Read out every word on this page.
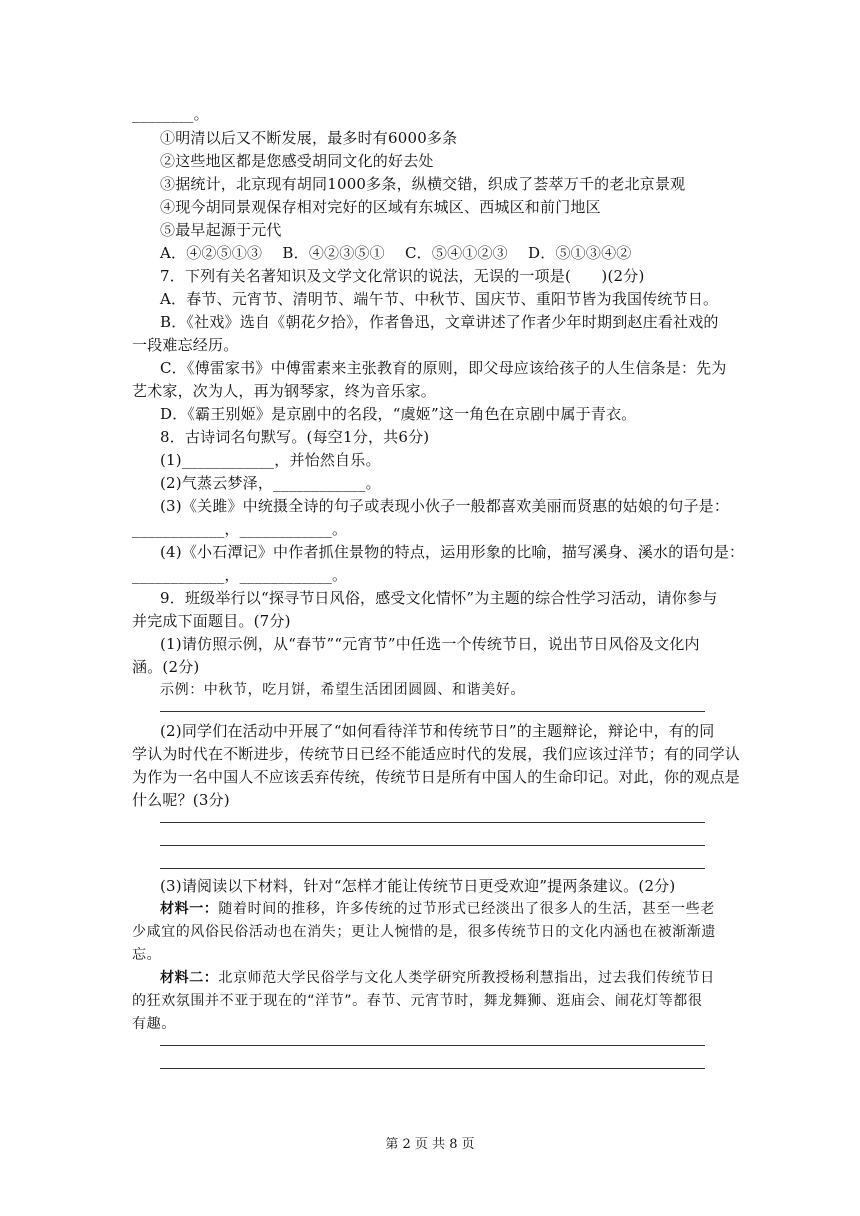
________。
①明清以后又不断发展，最多时有6000多条
②这些地区都是您感受胡同文化的好去处
③据统计，北京现有胡同1000多条，纵横交错，织成了荟萃万千的老北京景观
④现今胡同景观保存相对完好的区域有东城区、西城区和前门地区
⑤最早起源于元代
A．④②⑤①③　 B．④②③⑤①　 C．⑤④①②③　 D．⑤①③④②
7．下列有关名著知识及文学文化常识的说法，无误的一项是(　　)(2分)
A．春节、元宵节、清明节、端午节、中秋节、国庆节、重阳节皆为我国传统节日。
B．《社戏》选自《朝花夕拾》，作者鲁迅，文章讲述了作者少年时期到赵庄看社戏的
一段难忘经历。
C．《傅雷家书》中傅雷素来主张教育的原则，即父母应该给孩子的人生信条是：先为
艺术家，次为人，再为钢琴家，终为音乐家。
D．《霸王别姬》是京剧中的名段，“虞姬”这一角色在京剧中属于青衣。
8．古诗词名句默写。(每空1分，共6分)
(1)____________，并怡然自乐。
(2)气蒸云梦泽，____________。
(3)《关雎》中统摄全诗的句子或表现小伙子一般都喜欢美丽而贤惠的姑娘的句子是：
____________，____________。
(4)《小石潭记》中作者抓住景物的特点，运用形象的比喻，描写溪身、溪水的语句是：
____________，____________。
9．班级举行以“探寻节日风俗，感受文化情怀”为主题的综合性学习活动，请你参与
并完成下面题目。(7分)
(1)请仿照示例，从“春节”“元宵节”中任选一个传统节日，说出节日风俗及文化内
涵。(2分)
示例：中秋节，吃月饼，希望生活团团圆圆、和谐美好。
(2)同学们在活动中开展了“如何看待洋节和传统节日”的主题辩论，辩论中，有的同
学认为时代在不断进步，传统节日已经不能适应时代的发展，我们应该过洋节；有的同学认
为作为一名中国人不应该丢弃传统，传统节日是所有中国人的生命印记。对此，你的观点是
什么呢？(3分)
(3)请阅读以下材料，针对“怎样才能让传统节日更受欢迎”提两条建议。(2分)
材料一：随着时间的推移，许多传统的过节形式已经淡出了很多人的生活，甚至一些老
少咸宜的风俗民俗活动也在消失；更让人惋惜的是，很多传统节日的文化内涵也在被渐渐遗
忘。
材料二：北京师范大学民俗学与文化人类学研究所教授杨利慧指出，过去我们传统节日
的狂欢氛围并不亚于现在的“洋节”。春节、元宵节时，舞龙舞狮、逛庙会、闹花灯等都很
有趣。
第 2 页 共 8 页
